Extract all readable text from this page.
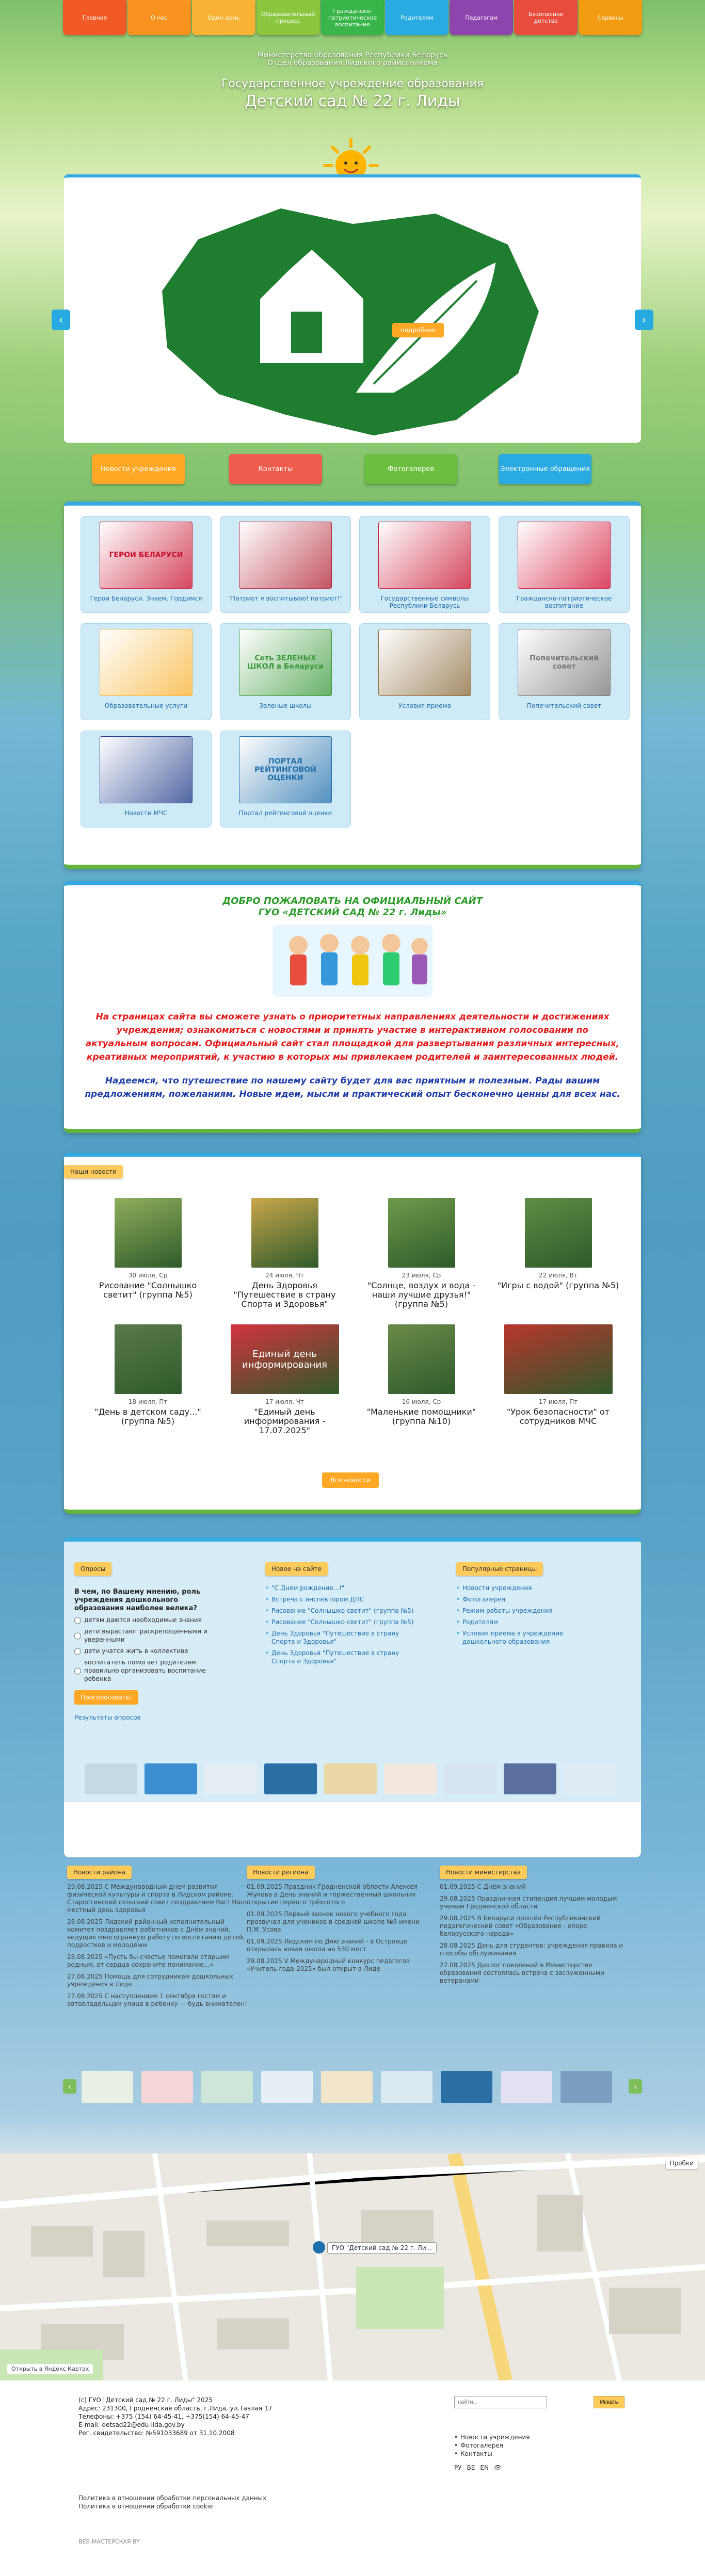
Главная	О нас	Один день	Образовательный процесс
Гражданско-патриотическое воспитание
Родителям	Педагогам	Безопасное детство	Сервисы
Министерство образования Республики Беларусь
Отдел образования Лидского райисполкома
Государственное учреждение образования
Детский сад № 22 г. Лиды
подробнее
‹	›
Новости учреждения	Контакты	Фотогалерея	Электронные обращения
ГЕРОИ БЕЛАРУСИ
Герои Беларуси. Знаем. Гордимся	"Патриот я воспитываю! патриот!"	Государственные символы Республики Беларусь
Гражданско-патриотическое воспитание
Образовательные услуги
Сеть ЗЕЛЕНЫХ ШКОЛ в Беларуси
Зеленые школы	Условия приема
Попечительский совет
Попечительский совет
Новости МЧС
ПОРТАЛ РЕЙТИНГОВОЙ ОЦЕНКИ
Портал рейтинговой оценки
ДОБРО ПОЖАЛОВАТЬ НА ОФИЦИАЛЬНЫЙ САЙТ
ГУО «ДЕТСКИЙ САД № 22 г. Лиды»
На страницах сайта вы сможете узнать о приоритетных направлениях деятельности и достижениях учреждения; ознакомиться с новостями и принять участие в интерактивном голосовании по актуальным вопросам. Официальный сайт стал площадкой для развертывания различных интересных, креативных мероприятий, к участию в которых мы привлекаем родителей и заинтересованных людей.
Надеемся, что путешествие по нашему сайту будет для вас приятным и полезным. Рады вашим предложениям, пожеланиям. Новые идеи, мысли и практический опыт бесконечно ценны для всех нас.
Наши новости
30 июля, Ср
Рисование "Солнышко светит" (группа №5)
24 июля, Чт
День Здоровья "Путешествие в страну Спорта и Здоровья"
23 июля, Ср
"Солнце, воздух и вода - наши лучшие друзья!" (группа №5)
22 июля, Вт
"Игры с водой" (группа №5)
18 июля, Пт
"День в детском саду..." (группа №5)
Единый день информирования
17 июля, Чт
"Единый день информирования - 17.07.2025"
16 июля, Ср
"Маленькие помощники" (группа №10)
17 июля, Пт
"Урок безопасности" от сотрудников МЧС
Все новости
Опросы
В чем, по Вашему мнению, роль учреждения дошкольного образования наиболее велика?
детям даются необходимые знания
дети вырастают раскрепощенными и уверенными
дети учатся жить в коллективе
воспитатель помогает родителям правильно организовать воспитание ребенка
Проголосовать!
Результаты опросов
Новое на сайте
• "С Днем рождения...!"
• Встреча с инспектором ДПС
• Рисование "Солнышко светит" (группа №5)
• Рисование "Солнышко светит" (группа №5)
• День Здоровья "Путешествие в страну Спорта и Здоровья"
• День Здоровья "Путешествие в страну Спорта и Здоровья"
Популярные страницы
• Новости учреждения
• Фотогалерея
• Режим работы учреждения
• Родителям
• Условия приема в учреждение дошкольного образования
Новости района
29.08.2025 С Международным днем развития физической культуры и спорта в Лидском районе, Старостинский сельский совет поздравляем Вас! Наш местный день здоровья
28.08.2025 Лидский районный исполнительный комитет поздравляет работников с Днём знаний, ведущих многогранную работу по воспитанию детей, подростков и молодёжи
28.08.2025 «Пусть бы счастье помогали старшим родным, от сердца сохраните понимание...»
27.08.2025 Помощь для сотрудникам дошкольных учреждения в Лиде
27.08.2025 С наступлением 1 сентября гостям и автовладельцам улица в ребенку — будь внимателен!
Новости региона
01.09.2025 Праздник Гродненской области Алексея Жукова в День знаний и торжественный школьник открытие первого трёхсотого
01.09.2025 Первый звонок нового учебного года прозвучал для учеников в средней школе №9 имени П.М. Усова
01.09.2025 Лидским по Дню знаний - в Островце открылась новая школа на 530 мест
29.08.2025 V Международный конкурс педагогов «Учитель года-2025» был открыт в Лиде
Новости министерства
01.09.2025 С Днём знаний
29.08.2025 Праздничная стипендия лучшим молодым ученым Гродненской области
29.08.2025 В Беларуси прошёл Республиканский педагогический совет «Образование - опора белорусского народа»
28.08.2025 День для студентов: учреждения правила и способы обслуживания
27.08.2025 Диалог поколений в Министерстве образования состоялась встреча с заслуженными ветеранами
‹	›
ГУО "Детский сад № 22 г. Ли...
Открыть в Яндекс Картах
Пробки
(с) ГУО "Детский сад № 22 г. Лиды" 2025
Адрес: 231300, Гродненская область, г.Лида, ул.Тавлая 17
Телефоны: +375 (154) 64-45-41, +375(154) 64-45-47
E-mail: detsad22@edu-lida.gov.by
Рег. свидетельство: №591033689 от 31.10.2008
найти...
Искать
• Новости учреждения
• Фотогалерея
• Контакты
РУ БЕ EN 👁
Политика в отношении обработки персональных данных
Политика в отношении обработки cookie
ВЕБ-МАСТЕРСКАЯ BY
